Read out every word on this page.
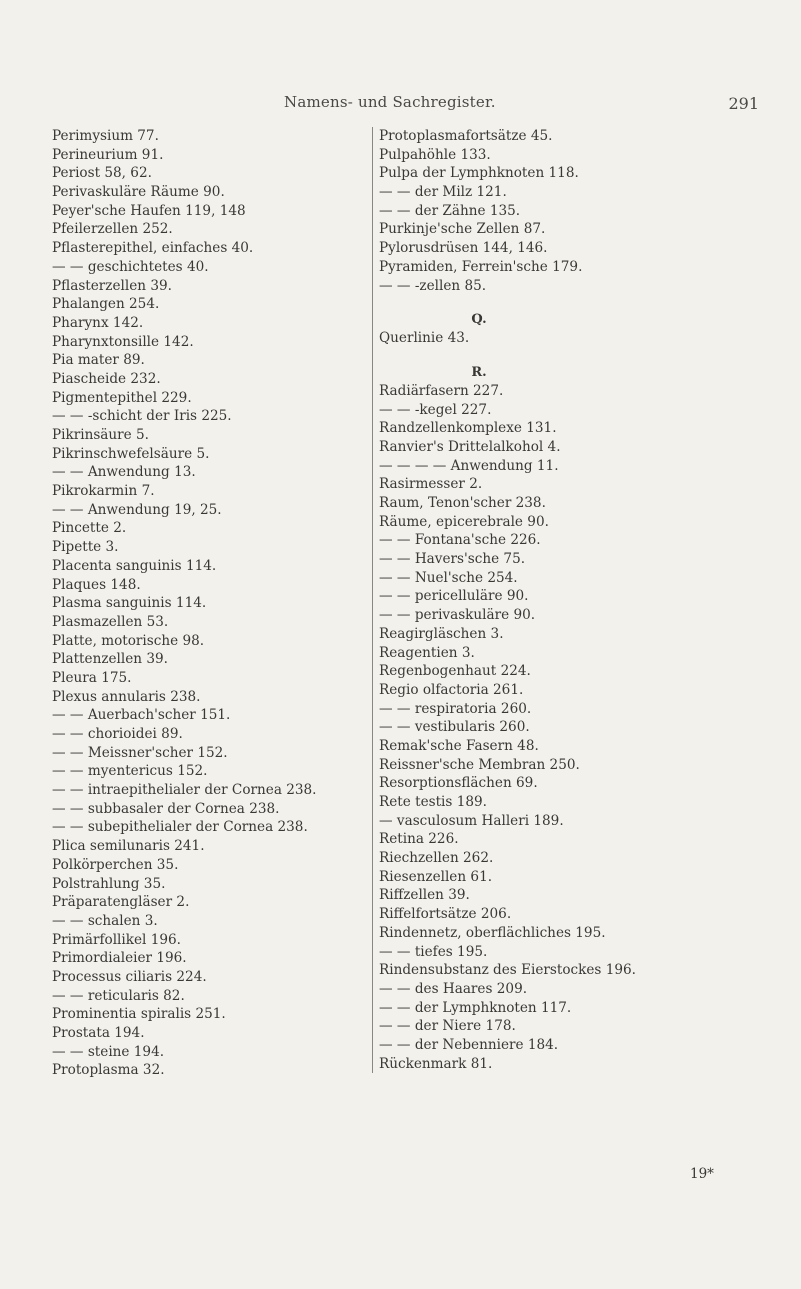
Namens- und Sachregister.	291
Perimysium 77.
Perineurium 91.
Periost 58, 62.
Perivaskuläre Räume 90.
Peyer'sche Haufen 119, 148
Pfeilerzellen 252.
Pflasterepithel, einfaches 40.
— — geschichtetes 40.
Pflasterzellen 39.
Phalangen 254.
Pharynx 142.
Pharynxtonsille 142.
Pia mater 89.
Piascheide 232.
Pigmentepithel 229.
— — -schicht der Iris 225.
Pikrinsäure 5.
Pikrinschwefelsäure 5.
— — Anwendung 13.
Pikrokarmin 7.
— — Anwendung 19, 25.
Pincette 2.
Pipette 3.
Placenta sanguinis 114.
Plaques 148.
Plasma sanguinis 114.
Plasmazellen 53.
Platte, motorische 98.
Plattenzellen 39.
Pleura 175.
Plexus annularis 238.
— — Auerbach'scher 151.
— — chorioidei 89.
— — Meissner'scher 152.
— — myentericus 152.
— — intraepithelialer der Cornea 238.
— — subbasaler der Cornea 238.
— — subepithelialer der Cornea 238.
Plica semilunaris 241.
Polkörperchen 35.
Polstrahlung 35.
Präparatengläser 2.
— — schalen 3.
Primärfollikel 196.
Primordialeier 196.
Processus ciliaris 224.
— — reticularis 82.
Prominentia spiralis 251.
Prostata 194.
— — steine 194.
Protoplasma 32.
Protoplasmafortsätze 45.
Pulpahöhle 133.
Pulpa der Lymphknoten 118.
— — der Milz 121.
— — der Zähne 135.
Purkinje'sche Zellen 87.
Pylorusdrüsen 144, 146.
Pyramiden, Ferrein'sche 179.
— — -zellen 85.
Q.
Querlinie 43.
R.
Radiärfasern 227.
— — -kegel 227.
Randzellenkomplexe 131.
Ranvier's Drittelalkohol 4.
— — — — Anwendung 11.
Rasirmesser 2.
Raum, Tenon'scher 238.
Räume, epicerebrale 90.
— — Fontana'sche 226.
— — Havers'sche 75.
— — Nuel'sche 254.
— — pericelluläre 90.
— — perivaskuläre 90.
Reagirgläschen 3.
Reagentien 3.
Regenbogenhaut 224.
Regio olfactoria 261.
— — respiratoria 260.
— — vestibularis 260.
Remak'sche Fasern 48.
Reissner'sche Membran 250.
Resorptionsflächen 69.
Rete testis 189.
— vasculosum Halleri 189.
Retina 226.
Riechzellen 262.
Riesenzellen 61.
Riffzellen 39.
Riffelfortsätze 206.
Rindennetz, oberflächliches 195.
— — tiefes 195.
Rindensubstanz des Eierstockes 196.
— — des Haares 209.
— — der Lymphknoten 117.
— — der Niere 178.
— — der Nebenniere 184.
Rückenmark 81.
19*
